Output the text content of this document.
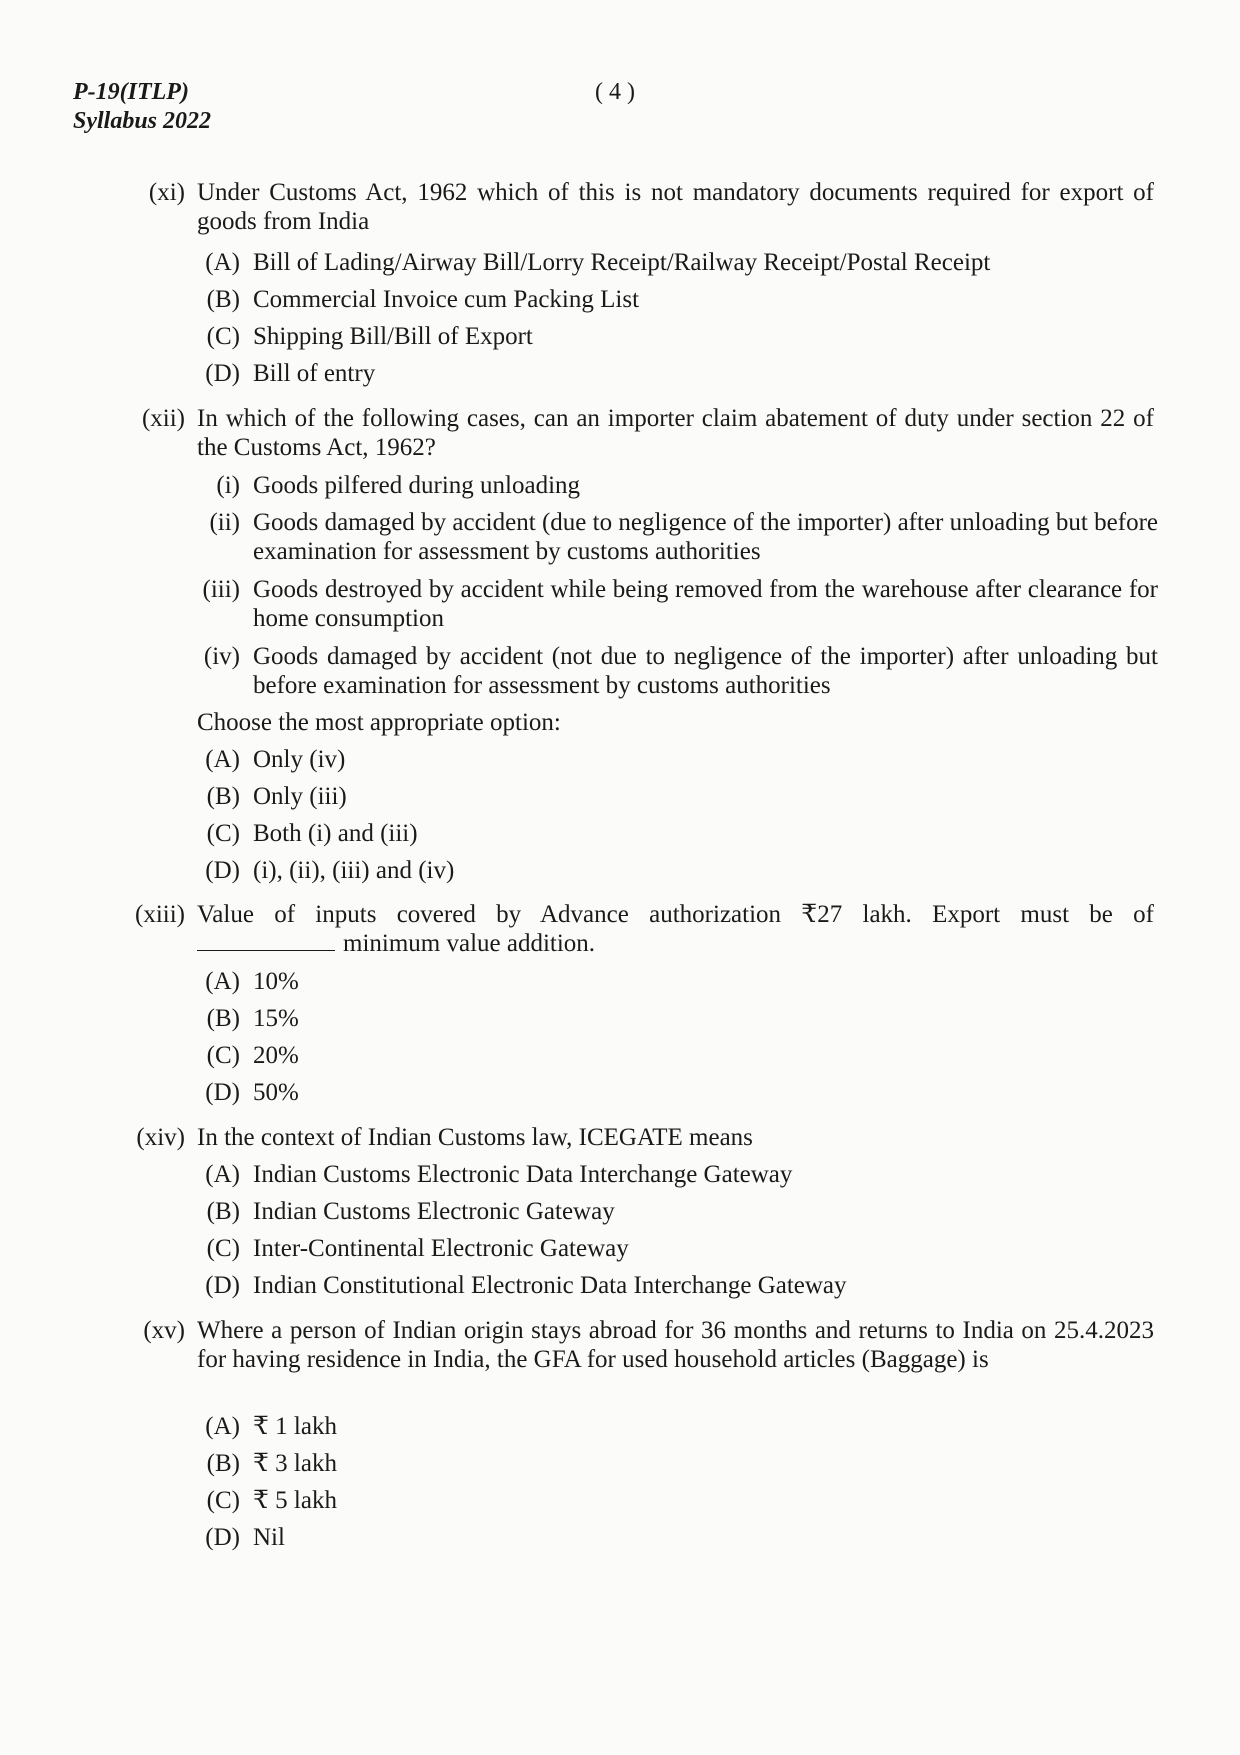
P-19(ITLP)
Syllabus 2022
( 4 )
(xi) Under Customs Act, 1962 which of this is not mandatory documents required for export of goods from India
(A) Bill of Lading/Airway Bill/Lorry Receipt/Railway Receipt/Postal Receipt
(B) Commercial Invoice cum Packing List
(C) Shipping Bill/Bill of Export
(D) Bill of entry
(xii) In which of the following cases, can an importer claim abatement of duty under section 22 of the Customs Act, 1962?
(i) Goods pilfered during unloading
(ii) Goods damaged by accident (due to negligence of the importer) after unloading but before examination for assessment by customs authorities
(iii) Goods destroyed by accident while being removed from the warehouse after clearance for home consumption
(iv) Goods damaged by accident (not due to negligence of the importer) after unloading but before examination for assessment by customs authorities
Choose the most appropriate option:
(A) Only (iv)
(B) Only (iii)
(C) Both (i) and (iii)
(D) (i), (ii), (iii) and (iv)
(xiii) Value of inputs covered by Advance authorization ₹27 lakh. Export must be of
minimum value addition.
(A) 10%
(B) 15%
(C) 20%
(D) 50%
(xiv) In the context of Indian Customs law, ICEGATE means
(A) Indian Customs Electronic Data Interchange Gateway
(B) Indian Customs Electronic Gateway
(C) Inter-Continental Electronic Gateway
(D) Indian Constitutional Electronic Data Interchange Gateway
(xv) Where a person of Indian origin stays abroad for 36 months and returns to India on 25.4.2023 for having residence in India, the GFA for used household articles (Baggage) is
(A) ₹ 1 lakh
(B) ₹ 3 lakh
(C) ₹ 5 lakh
(D) Nil
